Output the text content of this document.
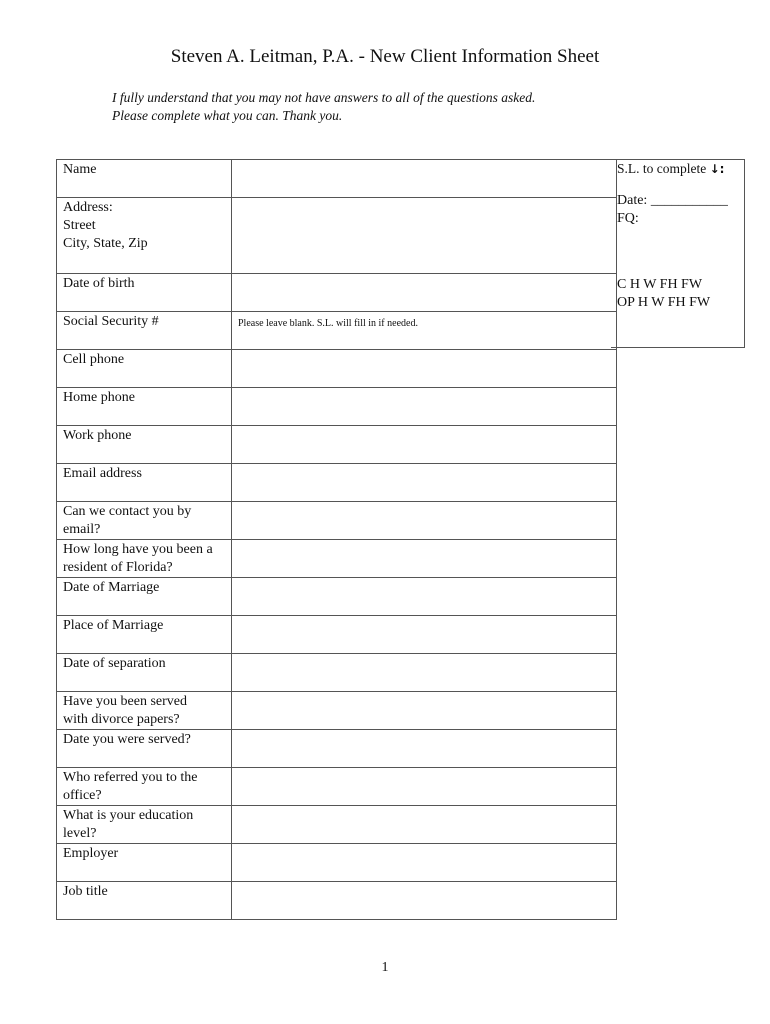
Steven A. Leitman, P.A. - New Client Information Sheet
I fully understand that you may not have answers to all of the questions asked.
Please complete what you can. Thank you.
Name	

Address:
Street
City, State, Zip	

Date of birth	

Social Security #	Please leave blank. S.L. will fill in if needed.

Cell phone	

Home phone	

Work phone	

Email address	

Can we contact you by
email?	

How long have you been a
resident of Florida?	

Date of Marriage	

Place of Marriage	

Date of separation	

Have you been served
with divorce papers?	

Date you were served?	

Who referred you to the
office?	

What is your education
level?	

Employer	

Job title	

S.L. to complete ↓:
Date: ___________
FQ:
C H W FH FW
OP H W FH FW
1
